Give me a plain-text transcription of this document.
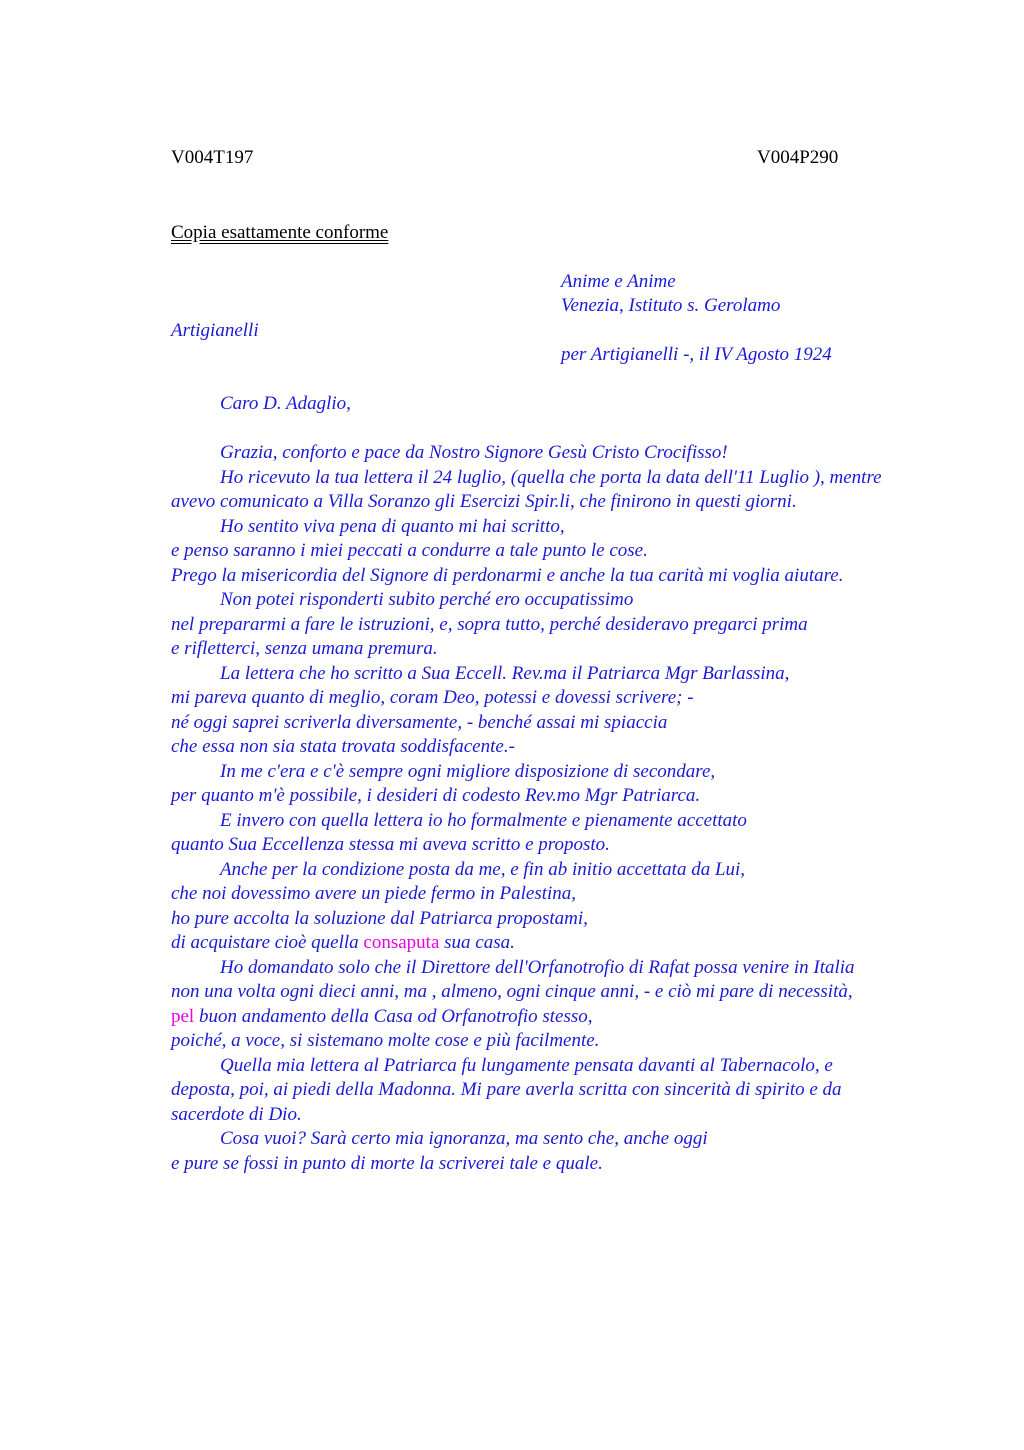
V004T197	V004P290
Copia esattamente conforme
Anime e Anime
Venezia, Istituto s. Gerolamo
Artigianelli
per Artigianelli -, il IV Agosto 1924
Caro D. Adaglio,

Grazia, conforto e pace da Nostro Signore Gesù Cristo Crocifisso!

Ho ricevuto la tua lettera il 24 luglio, (quella che porta la data dell'11 Luglio ), mentre avevo comunicato a Villa Soranzo gli Esercizi Spir.li, che finirono in questi giorni.

Ho sentito viva pena di quanto mi hai scritto,

e penso saranno i miei peccati a condurre a tale punto le cose.

Prego la misericordia del Signore di perdonarmi e anche la tua carità mi voglia aiutare.

Non potei risponderti subito perché ero occupatissimo

nel prepararmi a fare le istruzioni, e, sopra tutto, perché desideravo pregarci prima

e rifletterci, senza umana premura.

La lettera che ho scritto a Sua Eccell. Rev.ma il Patriarca Mgr Barlassina,

mi pareva quanto di meglio, coram Deo, potessi e dovessi scrivere; -

né oggi saprei scriverla diversamente, - benché assai mi spiaccia

che essa non sia stata trovata soddisfacente.-

In me c'era e c'è sempre ogni migliore disposizione di secondare,

per quanto m'è possibile, i desideri di codesto Rev.mo Mgr Patriarca.

E invero con quella lettera io ho formalmente e pienamente accettato

quanto Sua Eccellenza stessa mi aveva scritto e proposto.

Anche per la condizione posta da me, e fin ab initio accettata da Lui,

che noi dovessimo avere un piede fermo in Palestina,

ho pure accolta la soluzione dal Patriarca propostami,

di acquistare cioè quella consaputa sua casa.

Ho domandato solo che il Direttore dell'Orfanotrofio di Rafat possa venire in Italia

non una volta ogni dieci anni, ma , almeno, ogni cinque anni, - e ciò mi pare di necessità,

pel buon andamento della Casa od Orfanotrofio stesso,

poiché, a voce, si sistemano molte cose e più facilmente.

Quella mia lettera al Patriarca fu lungamente pensata davanti al Tabernacolo, e deposta, poi, ai piedi della Madonna. Mi pare averla scritta con sincerità di spirito e da sacerdote di Dio.

Cosa vuoi? Sarà certo mia ignoranza, ma sento che, anche oggi

e pure se fossi in punto di morte la scriverei tale e quale.
